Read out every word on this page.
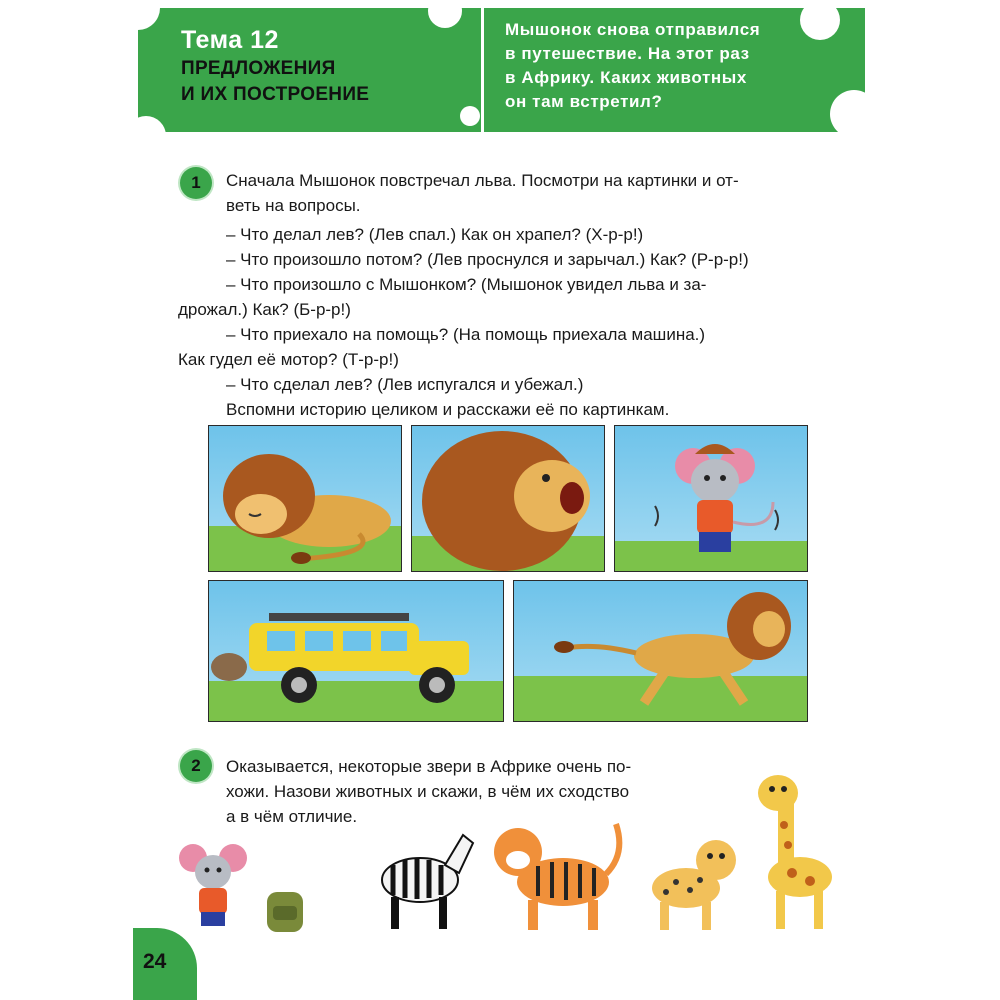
Тема 12
ПРЕДЛОЖЕНИЯ
И ИХ ПОСТРОЕНИЕ
Мышонок снова отправился
в путешествие. На этот раз
в Африку. Каких животных
он там встретил?
1	Сначала Мышонок повстречал льва. Посмотри на картинки и от-
веть на вопросы.
– Что делал лев? (Лев спал.) Как он храпел? (Х-р-р!)
– Что произошло потом? (Лев проснулся и зарычал.) Как? (Р-р-р!)
– Что произошло с Мышонком? (Мышонок увидел льва и за-
дрожал.) Как? (Б-р-р!)
– Что приехало на помощь? (На помощь приехала машина.)
Как гудел её мотор? (Т-р-р!)
– Что сделал лев? (Лев испугался и убежал.)
Вспомни историю целиком и расскажи её по картинкам.
2	Оказывается, некоторые звери в Африке очень по-
хожи. Назови животных и скажи, в чём их сходство
а в чём отличие.
24
